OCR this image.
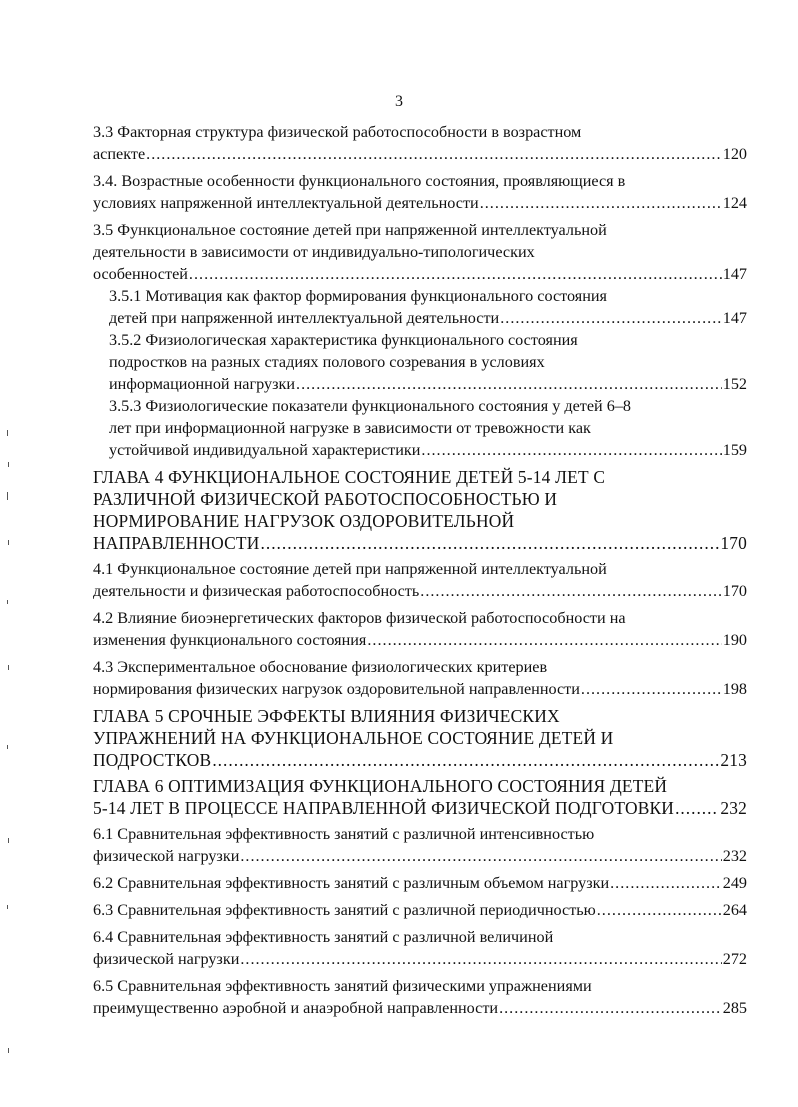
3
3.3 Факторная структура физической работоспособности в возрастном
аспекте .....	120
3.4. Возрастные особенности функционального состояния, проявляющиеся в
условиях напряженной интеллектуальной деятельности .....	124
3.5 Функциональное состояние детей при напряженной интеллектуальной
деятельности в зависимости от индивидуально-типологических
особенностей .....	147
3.5.1 Мотивация как фактор формирования функционального состояния
детей при напряженной интеллектуальной деятельности .....	147
3.5.2 Физиологическая характеристика функционального состояния
подростков на разных стадиях полового созревания в условиях
информационной нагрузки .....	152
3.5.3 Физиологические показатели функционального состояния у детей 6–8
лет при информационной нагрузке в зависимости от тревожности как
устойчивой индивидуальной характеристики .....	159
ГЛАВА 4 ФУНКЦИОНАЛЬНОЕ СОСТОЯНИЕ ДЕТЕЙ 5-14 ЛЕТ С
РАЗЛИЧНОЙ ФИЗИЧЕСКОЙ РАБОТОСПОСОБНОСТЬЮ И
НОРМИРОВАНИЕ НАГРУЗОК ОЗДОРОВИТЕЛЬНОЙ
НАПРАВЛЕННОСТИ .....	170
4.1 Функциональное состояние детей при напряженной интеллектуальной
деятельности и физическая работоспособность .....	170
4.2 Влияние биоэнергетических факторов физической работоспособности на
изменения функционального состояния .....	190
4.3 Экспериментальное обоснование физиологических критериев
нормирования физических нагрузок оздоровительной направленности .....	198
ГЛАВА 5 СРОЧНЫЕ ЭФФЕКТЫ ВЛИЯНИЯ ФИЗИЧЕСКИХ
УПРАЖНЕНИЙ НА ФУНКЦИОНАЛЬНОЕ СОСТОЯНИЕ ДЕТЕЙ И
ПОДРОСТКОВ .....	213
ГЛАВА 6 ОПТИМИЗАЦИЯ ФУНКЦИОНАЛЬНОГО СОСТОЯНИЯ ДЕТЕЙ
5-14 ЛЕТ В ПРОЦЕССЕ НАПРАВЛЕННОЙ ФИЗИЧЕСКОЙ ПОДГОТОВКИ .....	232
6.1 Сравнительная эффективность занятий с различной интенсивностью
физической нагрузки .....	232
6.2 Сравнительная эффективность занятий с различным объемом нагрузки .....	249
6.3 Сравнительная эффективность занятий с различной периодичностью .....	264
6.4 Сравнительная эффективность занятий с различной величиной
физической нагрузки .....	272
6.5 Сравнительная эффективность занятий физическими упражнениями
преимущественно аэробной и анаэробной направленности .....	285
